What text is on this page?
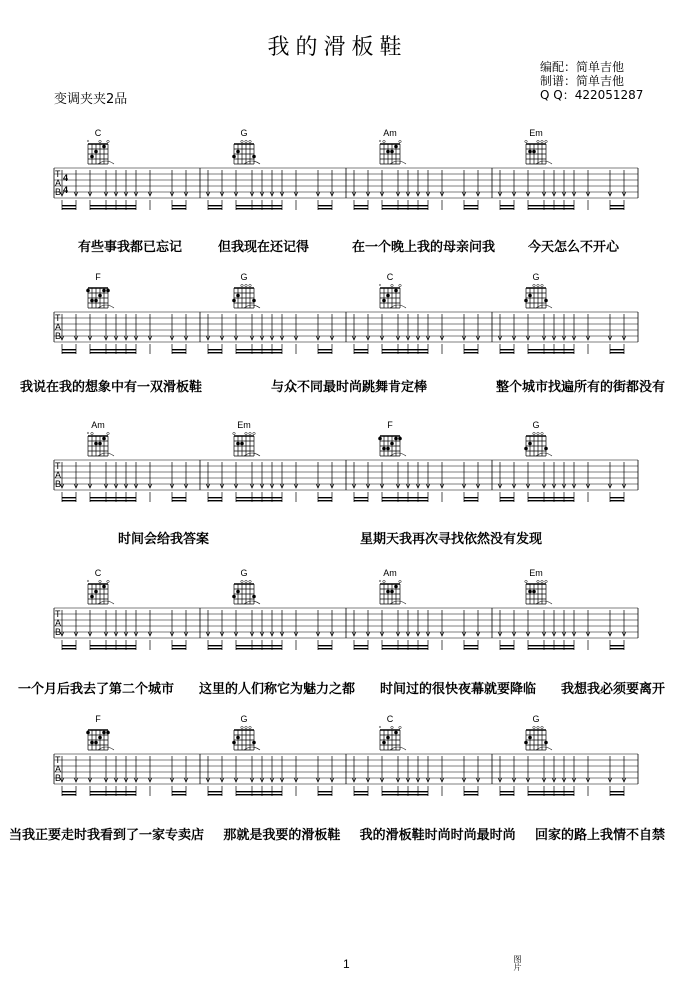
我的滑板鞋
编配：简单吉他
制谱：简单吉他
Q Q：422051287
变调夹夹2品
T
A
B
4
4
C
×
G	Am
×
Em
有些事我都已忘记	但我现在还记得	在一个晚上我的母亲问我	今天怎么不开心
T
A
B
F	G	C
×
G
我说在我的想象中有一双滑板鞋	与众不同最时尚跳舞肯定棒	整个城市找遍所有的街都没有
T
A
B
Am
×
Em	F	G
时间会给我答案	星期天我再次寻找依然没有发现
T
A
B
C
×
G	Am
×
Em
一个月后我去了第二个城市 这里的人们称它为魅力之都 时间过的很快夜幕就要降临 我想我必须要离开
T
A
B
F	G	C
×
G
当我正要走时我看到了一家专卖店 那就是我要的滑板鞋 我的滑板鞋时尚时尚最时尚 回家的路上我情不自禁
1	图片
